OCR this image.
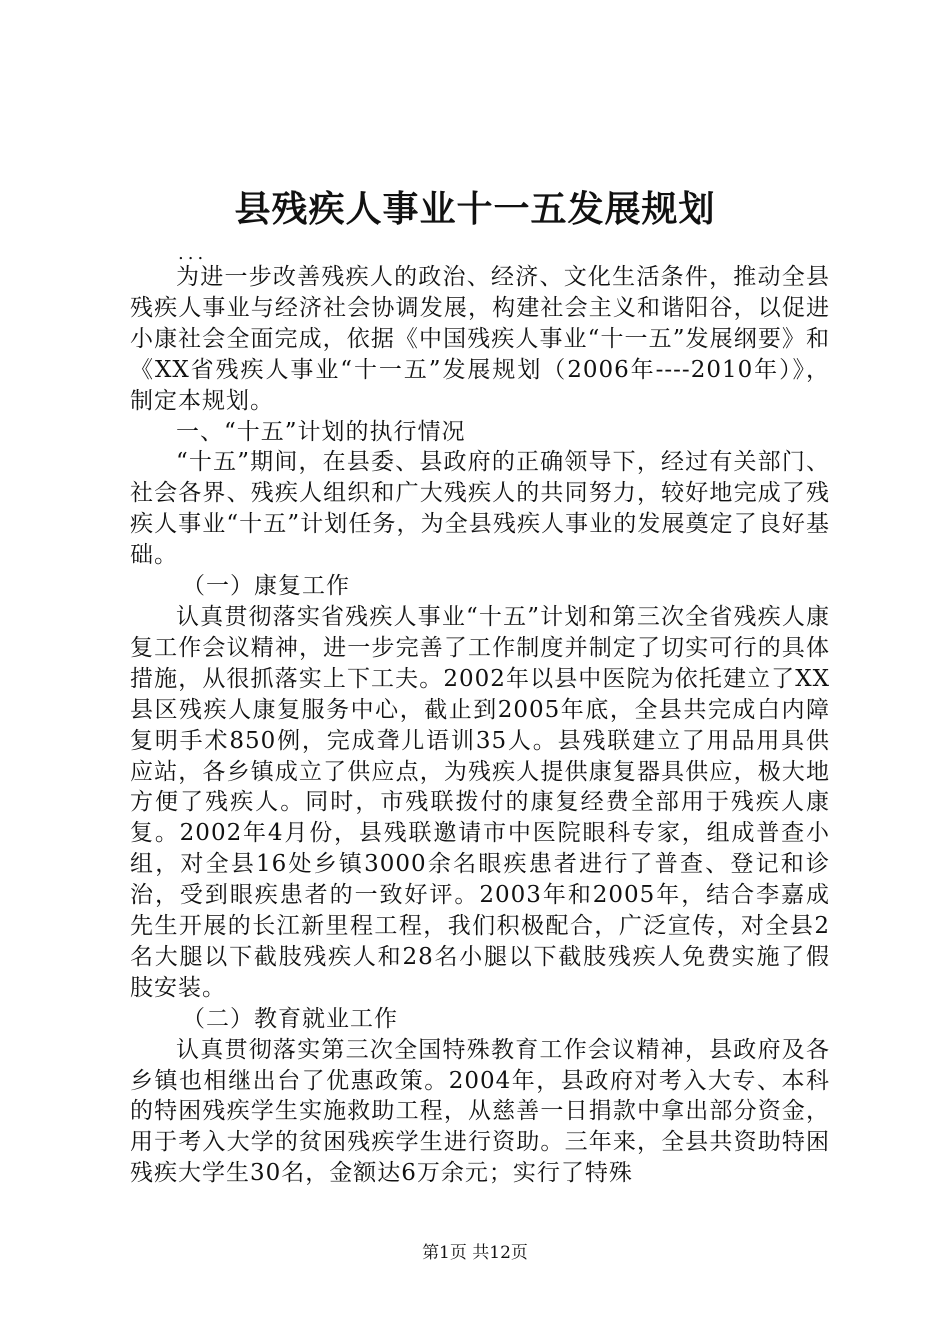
县残疾人事业十一五发展规划
...

为进一步改善残疾人的政治、经济、文化生活条件，推动全县残疾人事业与经济社会协调发展，构建社会主义和谐阳谷，以促进小康社会全面完成，依据《中国残疾人事业“十一五”发展纲要》和《XX省残疾人事业“十一五”发展规划（2006年----2010年）》，制定本规划。

一、“十五”计划的执行情况

“十五”期间，在县委、县政府的正确领导下，经过有关部门、社会各界、残疾人组织和广大残疾人的共同努力，较好地完成了残疾人事业“十五”计划任务，为全县残疾人事业的发展奠定了良好基础。

（一）康复工作

认真贯彻落实省残疾人事业“十五”计划和第三次全省残疾人康复工作会议精神，进一步完善了工作制度并制定了切实可行的具体措施，从很抓落实上下工夫。2002年以县中医院为依托建立了XX县区残疾人康复服务中心，截止到2005年底，全县共完成白内障复明手术850例，完成聋儿语训35人。县残联建立了用品用具供应站，各乡镇成立了供应点，为残疾人提供康复器具供应，极大地方便了残疾人。同时，市残联拨付的康复经费全部用于残疾人康复。2002年4月份，县残联邀请市中医院眼科专家，组成普查小组，对全县16处乡镇3000余名眼疾患者进行了普查、登记和诊治，受到眼疾患者的一致好评。2003年和2005年，结合李嘉成先生开展的长江新里程工程，我们积极配合，广泛宣传，对全县2名大腿以下截肢残疾人和28名小腿以下截肢残疾人免费实施了假肢安装。

（二）教育就业工作

认真贯彻落实第三次全国特殊教育工作会议精神，县政府及各乡镇也相继出台了优惠政策。2004年，县政府对考入大专、本科的特困残疾学生实施救助工程，从慈善一日捐款中拿出部分资金，用于考入大学的贫困残疾学生进行资助。三年来，全县共资助特困残疾大学生30名，金额达6万余元；实行了特殊

第1页 共12页
